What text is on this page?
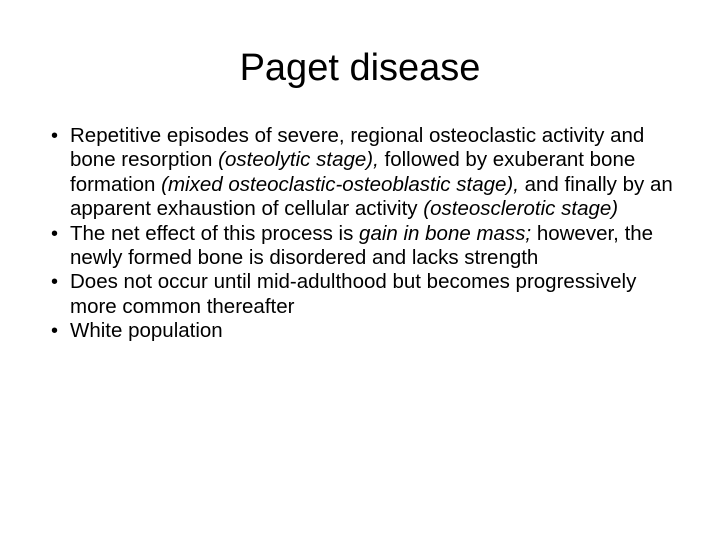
Paget disease
• Repetitive episodes of severe, regional osteoclastic activity and bone resorption (osteolytic stage), followed by exuberant bone formation (mixed osteoclastic-osteoblastic stage), and finally by an apparent exhaustion of cellular activity (osteosclerotic stage)
• The net effect of this process is gain in bone mass; however, the newly formed bone is disordered and lacks strength
• Does not occur until mid-adulthood but becomes progressively more common thereafter
• White population
